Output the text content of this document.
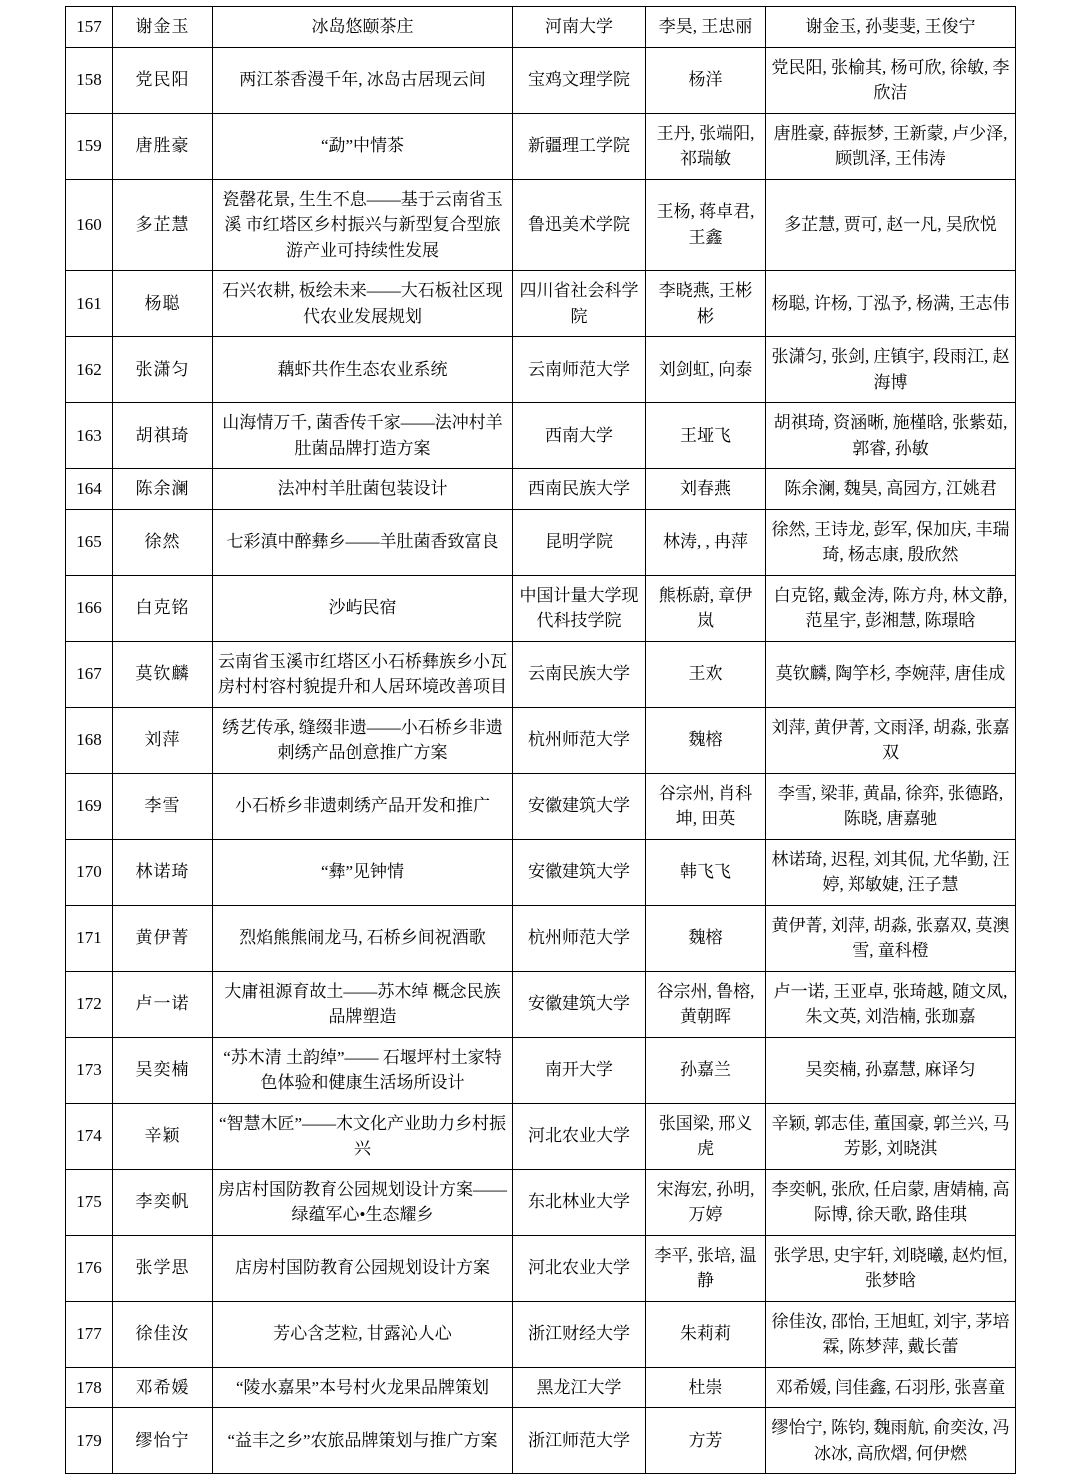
157	谢金玉	冰岛悠颐茶庄	河南大学	李昊, 王忠丽	谢金玉, 孙斐斐, 王俊宁
158	党民阳	两江茶香漫千年, 冰岛古居现云间	宝鸡文理学院	杨洋	党民阳, 张榆其, 杨可欣, 徐敏, 李欣洁
159	唐胜豪	“勐”中情茶	新疆理工学院	王丹, 张端阳, 祁瑞敏	唐胜豪, 薛振梦, 王新蒙, 卢少泽, 顾凯泽, 王伟涛
160	多芷慧	瓷罄花景, 生生不息——基于云南省玉溪 市红塔区乡村振兴与新型复合型旅游产业可持续性发展	鲁迅美术学院	王杨, 蒋卓君, 王鑫	多芷慧, 贾可, 赵一凡, 吴欣悦
161	杨聪	石兴农耕, 板绘未来——大石板社区现代农业发展规划	四川省社会科学院	李晓燕, 王彬彬	杨聪, 许杨, 丁泓予, 杨满, 王志伟
162	张潇匀	藕虾共作生态农业系统	云南师范大学	刘剑虹, 向泰	张潇匀, 张剑, 庄镇宇, 段雨江, 赵海博
163	胡祺琦	山海情万千, 菌香传千家——法冲村羊肚菌品牌打造方案	西南大学	王垭飞	胡祺琦, 资涵晰, 施槿晗, 张紫茹, 郭睿, 孙敏
164	陈余澜	法冲村羊肚菌包装设计	西南民族大学	刘春燕	陈余澜, 魏昊, 高园方, 江姚君
165	徐然	七彩滇中醉彝乡——羊肚菌香致富良	昆明学院	林涛, , 冉萍	徐然, 王诗龙, 彭军, 保加庆, 丰瑞琦, 杨志康, 殷欣然
166	白克铭	沙屿民宿	中国计量大学现代科技学院	熊栎蔚, 章伊岚	白克铭, 戴金涛, 陈方舟, 林文静, 范星宇, 彭湘慧, 陈璟晗
167	莫钦麟	云南省玉溪市红塔区小石桥彝族乡小瓦房村村容村貌提升和人居环境改善项目	云南民族大学	王欢	莫钦麟, 陶竽杉, 李婉萍, 唐佳成
168	刘萍	绣艺传承, 缝缀非遗——小石桥乡非遗刺绣产品创意推广方案	杭州师范大学	魏榕	刘萍, 黄伊菁, 文雨泽, 胡淼, 张嘉双
169	李雪	小石桥乡非遗刺绣产品开发和推广	安徽建筑大学	谷宗州, 肖科坤, 田英	李雪, 梁菲, 黄晶, 徐弈, 张德路, 陈晓, 唐嘉驰
170	林诺琦	“彝”见钟情	安徽建筑大学	韩飞飞	林诺琦, 迟程, 刘其侃, 尤华勤, 汪婷, 郑敏婕, 汪子慧
171	黄伊菁	烈焰熊熊闹龙马, 石桥乡间祝酒歌	杭州师范大学	魏榕	黄伊菁, 刘萍, 胡淼, 张嘉双, 莫澳雪, 童科橙
172	卢一诺	大庸祖源育故土——苏木绰 概念民族品牌塑造	安徽建筑大学	谷宗州, 鲁榕, 黄朝晖	卢一诺, 王亚卓, 张琦越, 随文凤, 朱文英, 刘浩楠, 张珈嘉
173	吴奕楠	“苏木清 土韵绰”—— 石堰坪村土家特色体验和健康生活场所设计	南开大学	孙嘉兰	吴奕楠, 孙嘉慧, 麻译匀
174	辛颖	“智慧木匠”——木文化产业助力乡村振兴	河北农业大学	张国梁, 邢义虎	辛颖, 郭志佳, 董国豪, 郭兰兴, 马芳影, 刘晓淇
175	李奕帆	房店村国防教育公园规划设计方案——绿蕴军心•生态耀乡	东北林业大学	宋海宏, 孙明, 万婷	李奕帆, 张欣, 任启蒙, 唐婧楠, 高际博, 徐天歌, 路佳琪
176	张学思	店房村国防教育公园规划设计方案	河北农业大学	李平, 张培, 温静	张学思, 史宇轩, 刘晓曦, 赵灼恒, 张梦晗
177	徐佳汝	芳心含芝粒, 甘露沁人心	浙江财经大学	朱莉莉	徐佳汝, 邵怡, 王旭虹, 刘宇, 茅培霖, 陈梦萍, 戴长蕾
178	邓希媛	“陵水嘉果”本号村火龙果品牌策划	黑龙江大学	杜崇	邓希媛, 闫佳鑫, 石羽彤, 张喜童
179	缪怡宁	“益丰之乡”农旅品牌策划与推广方案	浙江师范大学	方芳	缪怡宁, 陈钧, 魏雨航, 俞奕汝, 冯冰冰, 高欣熠, 何伊燃
